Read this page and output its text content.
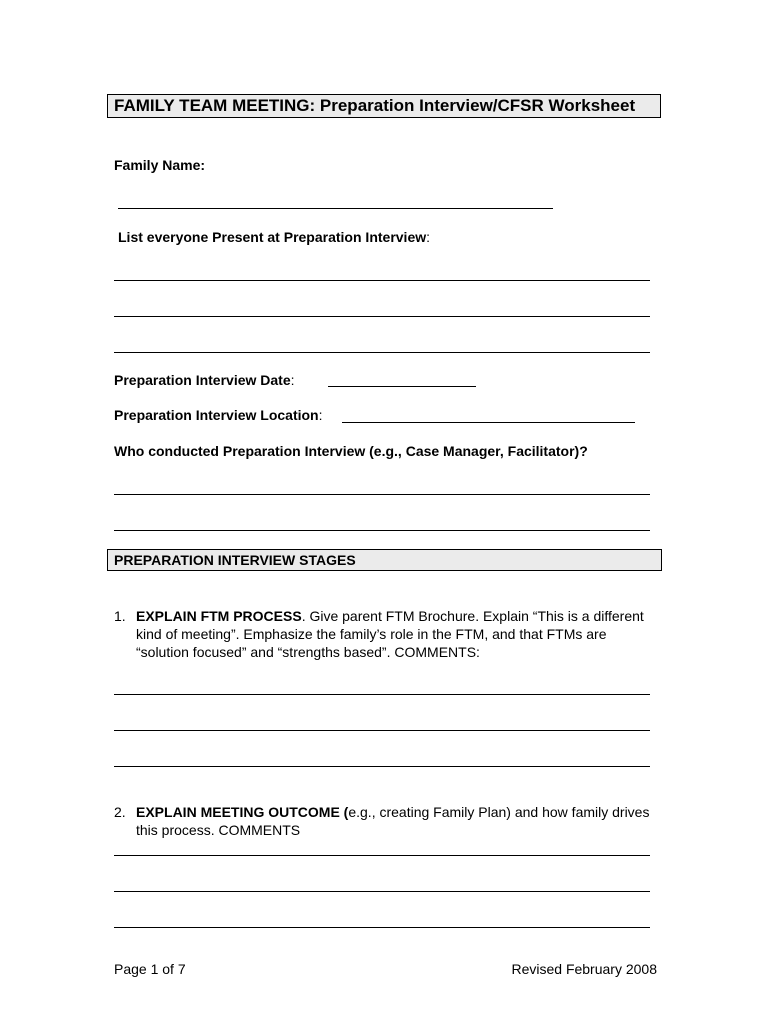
FAMILY TEAM MEETING: Preparation Interview/CFSR Worksheet
Family Name:
List everyone Present at Preparation Interview:
Preparation Interview Date:
Preparation Interview Location:
Who conducted Preparation Interview (e.g., Case Manager, Facilitator)?
PREPARATION INTERVIEW STAGES
1. EXPLAIN FTM PROCESS. Give parent FTM Brochure. Explain “This is a different kind of meeting”. Emphasize the family’s role in the FTM, and that FTMs are “solution focused” and “strengths based”. COMMENTS:
2. EXPLAIN MEETING OUTCOME (e.g., creating Family Plan) and how family drives this process. COMMENTS
Page 1 of 7	Revised February 2008
